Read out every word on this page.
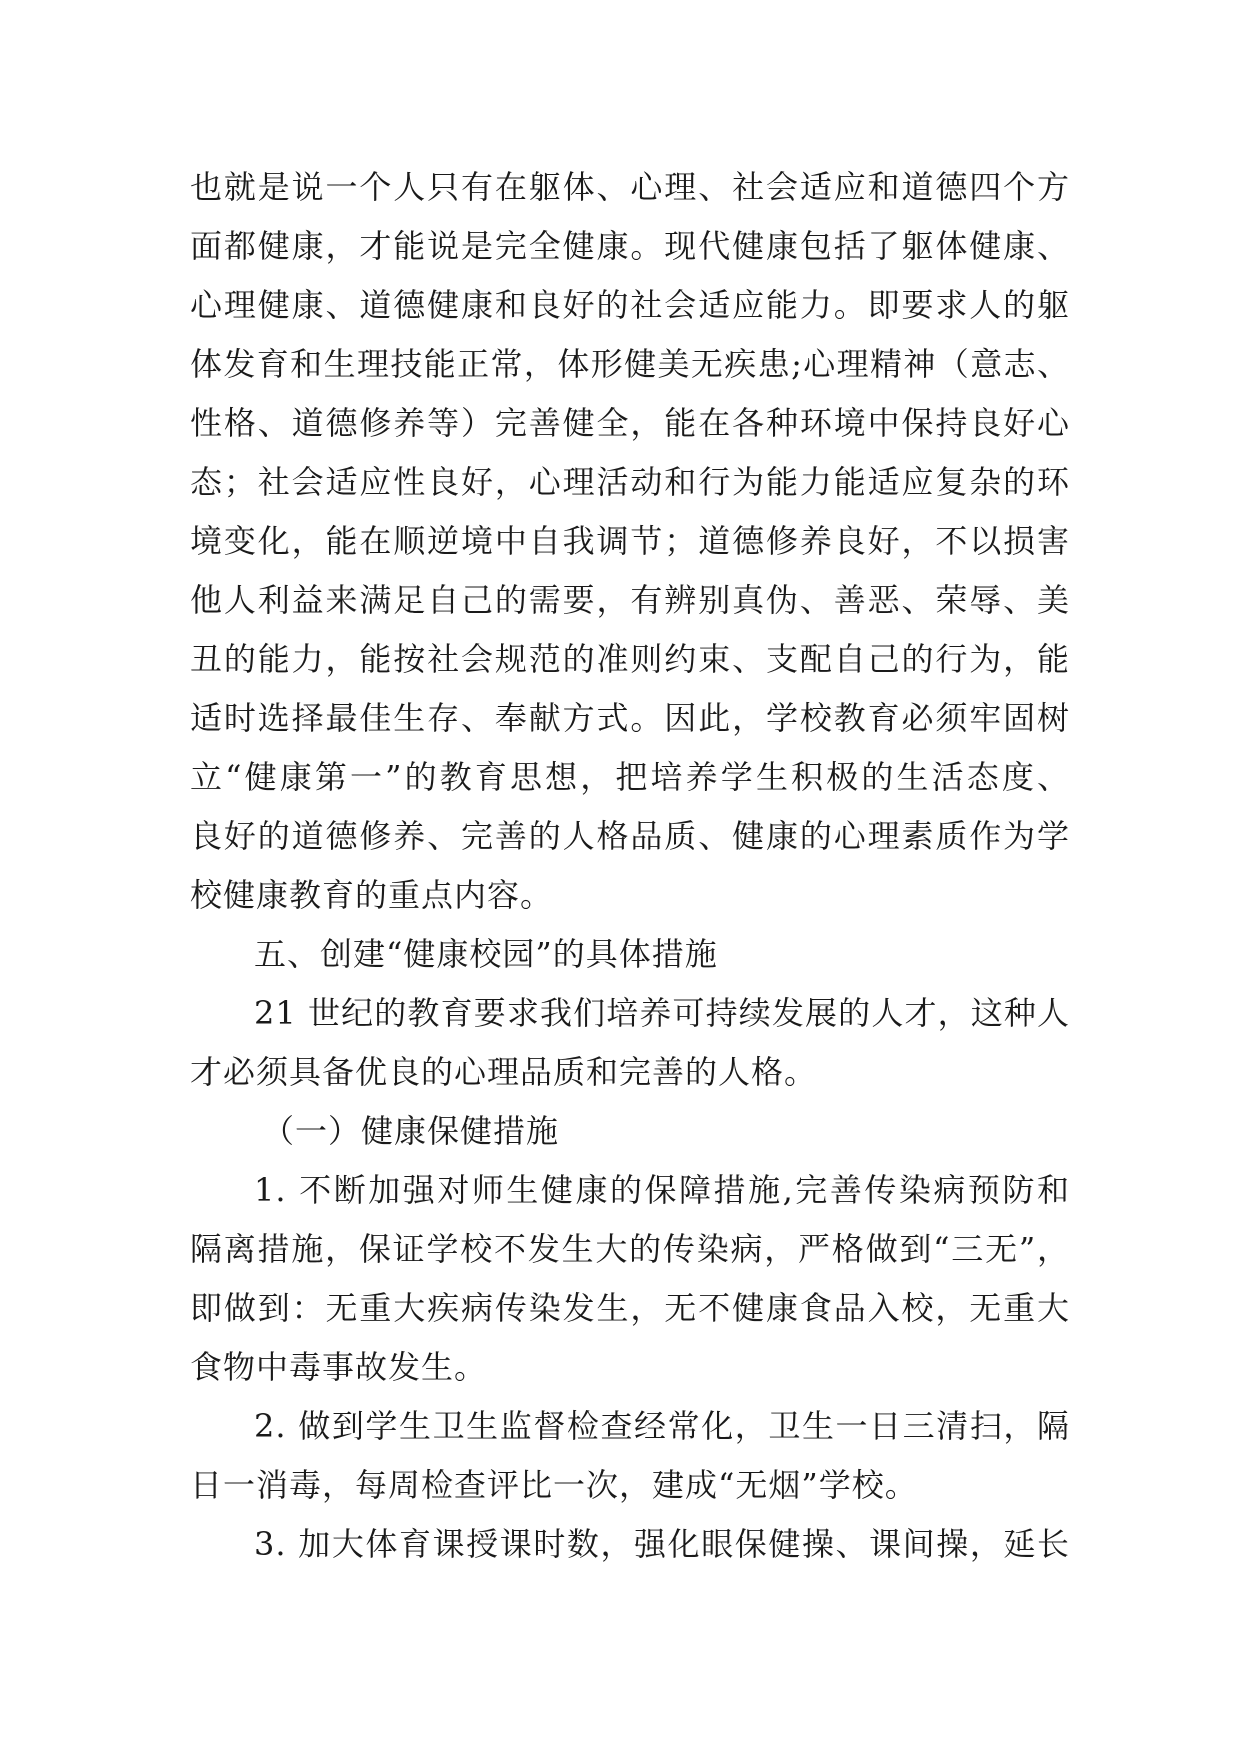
也就是说一个人只有在躯体、心理、社会适应和道德四个方
面都健康，才能说是完全健康。现代健康包括了躯体健康、
心理健康、道德健康和良好的社会适应能力。即要求人的躯
体发育和生理技能正常，体形健美无疾患;心理精神（意志、
性格、道德修养等）完善健全，能在各种环境中保持良好心
态；社会适应性良好，心理活动和行为能力能适应复杂的环
境变化，能在顺逆境中自我调节；道德修养良好，不以损害
他人利益来满足自己的需要，有辨别真伪、善恶、荣辱、美
丑的能力，能按社会规范的准则约束、支配自己的行为，能
适时选择最佳生存、奉献方式。因此，学校教育必须牢固树
立“健康第一”的教育思想，把培养学生积极的生活态度、
良好的道德修养、完善的人格品质、健康的心理素质作为学
校健康教育的重点内容。
五、创建“健康校园”的具体措施
21 世纪的教育要求我们培养可持续发展的人才，这种人
才必须具备优良的心理品质和完善的人格。
（一）健康保健措施
1. 不断加强对师生健康的保障措施,完善传染病预防和
隔离措施，保证学校不发生大的传染病，严格做到“三无”，
即做到：无重大疾病传染发生，无不健康食品入校，无重大
食物中毒事故发生。
2. 做到学生卫生监督检查经常化，卫生一日三清扫，隔
日一消毒，每周检查评比一次，建成“无烟”学校。
3. 加大体育课授课时数，强化眼保健操、课间操，延长
